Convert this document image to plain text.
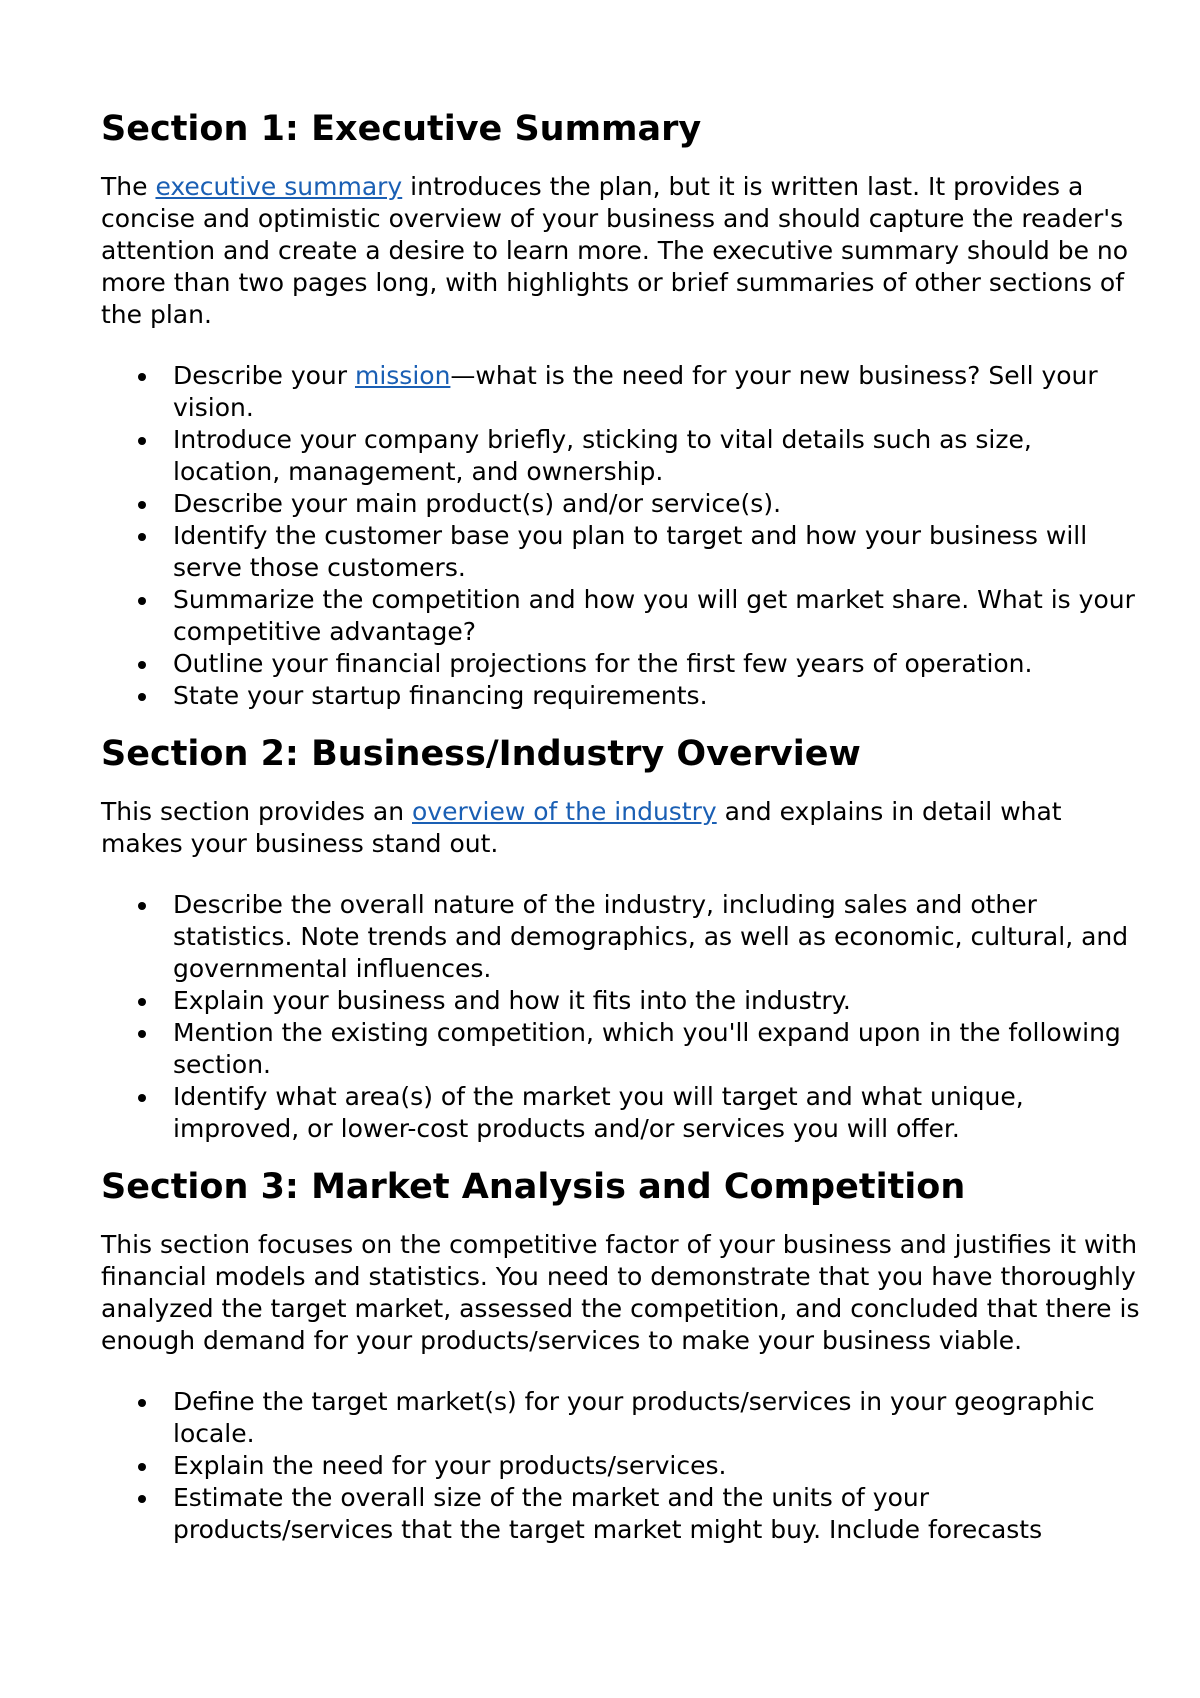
Section 1: Executive Summary

The executive summary introduces the plan, but it is written last. It provides a concise and optimistic overview of your business and should capture the reader's attention and create a desire to learn more. The executive summary should be no more than two pages long, with highlights or brief summaries of other sections of the plan.

Describe your mission—what is the need for your new business? Sell your vision.
Introduce your company briefly, sticking to vital details such as size, location, management, and ownership.
Describe your main product(s) and/or service(s).
Identify the customer base you plan to target and how your business will serve those customers.
Summarize the competition and how you will get market share. What is your competitive advantage?
Outline your financial projections for the first few years of operation.
State your startup financing requirements.
Section 2: Business/Industry Overview

This section provides an overview of the industry and explains in detail what makes your business stand out.

Describe the overall nature of the industry, including sales and other statistics. Note trends and demographics, as well as economic, cultural, and governmental influences.
Explain your business and how it fits into the industry.
Mention the existing competition, which you'll expand upon in the following section.
Identify what area(s) of the market you will target and what unique, improved, or lower-cost products and/or services you will offer.
Section 3: Market Analysis and Competition

This section focuses on the competitive factor of your business and justifies it with financial models and statistics. You need to demonstrate that you have thoroughly analyzed the target market, assessed the competition, and concluded that there is enough demand for your products/services to make your business viable.

Define the target market(s) for your products/services in your geographic locale.
Explain the need for your products/services.
Estimate the overall size of the market and the units of your products/services that the target market might buy. Include forecasts
